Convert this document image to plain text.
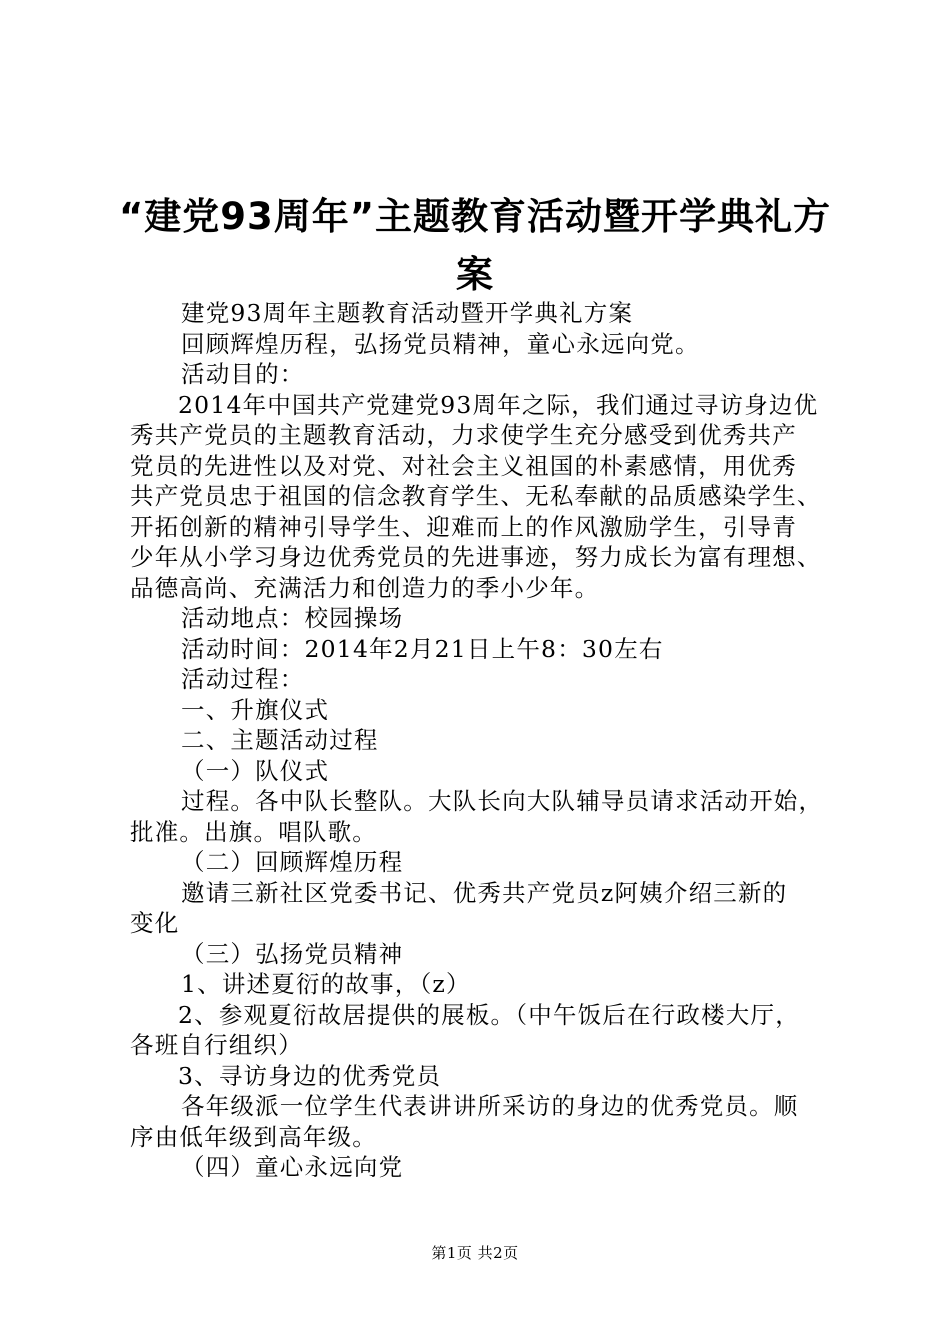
“建党93周年”主题教育活动暨开学典礼方
案
建党93周年主题教育活动暨开学典礼方案
回顾辉煌历程，弘扬党员精神，童心永远向党。
活动目的：
2014年中国共产党建党93周年之际，我们通过寻访身边优
秀共产党员的主题教育活动，力求使学生充分感受到优秀共产
党员的先进性以及对党、对社会主义祖国的朴素感情，用优秀
共产党员忠于祖国的信念教育学生、无私奉献的品质感染学生、
开拓创新的精神引导学生、迎难而上的作风激励学生，引导青
少年从小学习身边优秀党员的先进事迹，努力成长为富有理想、
品德高尚、充满活力和创造力的季小少年。
活动地点：校园操场
活动时间：2014年2月21日上午8：30左右
活动过程：
一、升旗仪式
二、主题活动过程
（一）队仪式
过程。各中队长整队。大队长向大队辅导员请求活动开始，
批准。出旗。唱队歌。
（二）回顾辉煌历程
邀请三新社区党委书记、优秀共产党员z阿姨介绍三新的
变化
（三）弘扬党员精神
1、讲述夏衍的故事，（z）
2、参观夏衍故居提供的展板。（中午饭后在行政楼大厅，
各班自行组织）
3、寻访身边的优秀党员
各年级派一位学生代表讲讲所采访的身边的优秀党员。顺
序由低年级到高年级。
（四）童心永远向党
第1页 共2页
